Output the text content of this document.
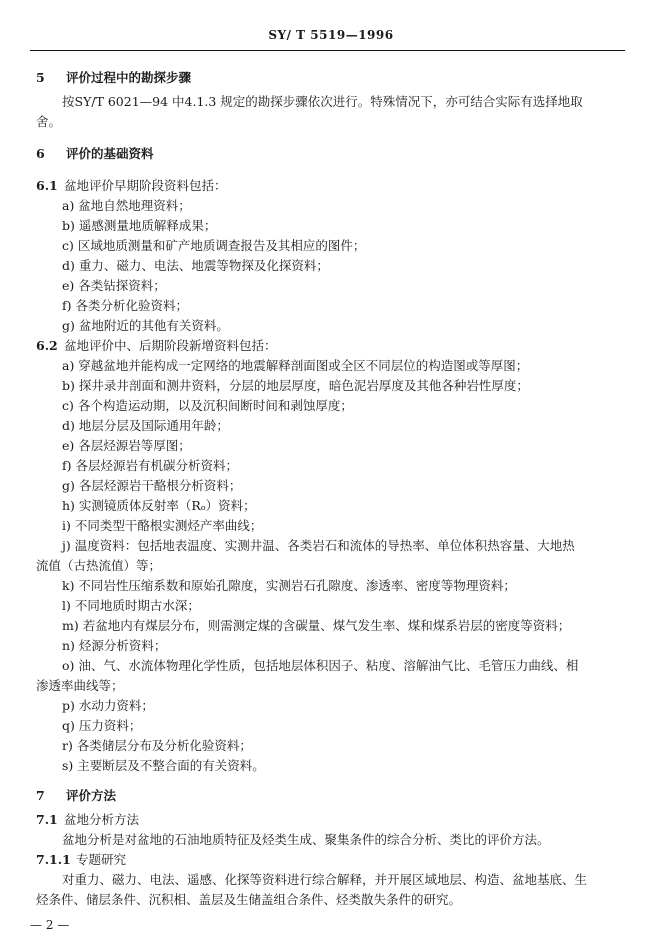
SY/ T 5519—1996
5 评价过程中的勘探步骤
按SY/T 6021—94 中4.1.3 规定的勘探步骤依次进行。特殊情况下，亦可结合实际有选择地取
舍。
6 评价的基础资料
6.1 盆地评价早期阶段资料包括：
a) 盆地自然地理资料；
b) 遥感测量地质解释成果；
c) 区域地质测量和矿产地质调查报告及其相应的图件；
d) 重力、磁力、电法、地震等物探及化探资料；
e) 各类钻探资料；
f) 各类分析化验资料；
g) 盆地附近的其他有关资料。
6.2 盆地评价中、后期阶段新增资料包括：
a) 穿越盆地并能构成一定网络的地震解释剖面图或全区不同层位的构造图或等厚图；
b) 探井录井剖面和测井资料，分层的地层厚度，暗色泥岩厚度及其他各种岩性厚度；
c) 各个构造运动期，以及沉积间断时间和剥蚀厚度；
d) 地层分层及国际通用年龄；
e) 各层烃源岩等厚图；
f) 各层烃源岩有机碳分析资料；
g) 各层烃源岩干酪根分析资料；
h) 实测镜质体反射率（Rₒ）资料；
i) 不同类型干酪根实测烃产率曲线；
j) 温度资料：包括地表温度、实测井温、各类岩石和流体的导热率、单位体积热容量、大地热
流值（古热流值）等；
k) 不同岩性压缩系数和原始孔隙度，实测岩石孔隙度、渗透率、密度等物理资料；
l) 不同地质时期古水深；
m) 若盆地内有煤层分布，则需测定煤的含碳量、煤气发生率、煤和煤系岩层的密度等资料；
n) 烃源分析资料；
o) 油、气、水流体物理化学性质，包括地层体积因子、粘度、溶解油气比、毛管压力曲线、相
渗透率曲线等；
p) 水动力资料；
q) 压力资料；
r) 各类储层分布及分析化验资料；
s) 主要断层及不整合面的有关资料。
7 评价方法
7.1 盆地分析方法
盆地分析是对盆地的石油地质特征及烃类生成、聚集条件的综合分析、类比的评价方法。
7.1.1 专题研究
对重力、磁力、电法、遥感、化探等资料进行综合解释，并开展区域地层、构造、盆地基底、生
烃条件、储层条件、沉积相、盖层及生储盖组合条件、烃类散失条件的研究。
— 2 —
